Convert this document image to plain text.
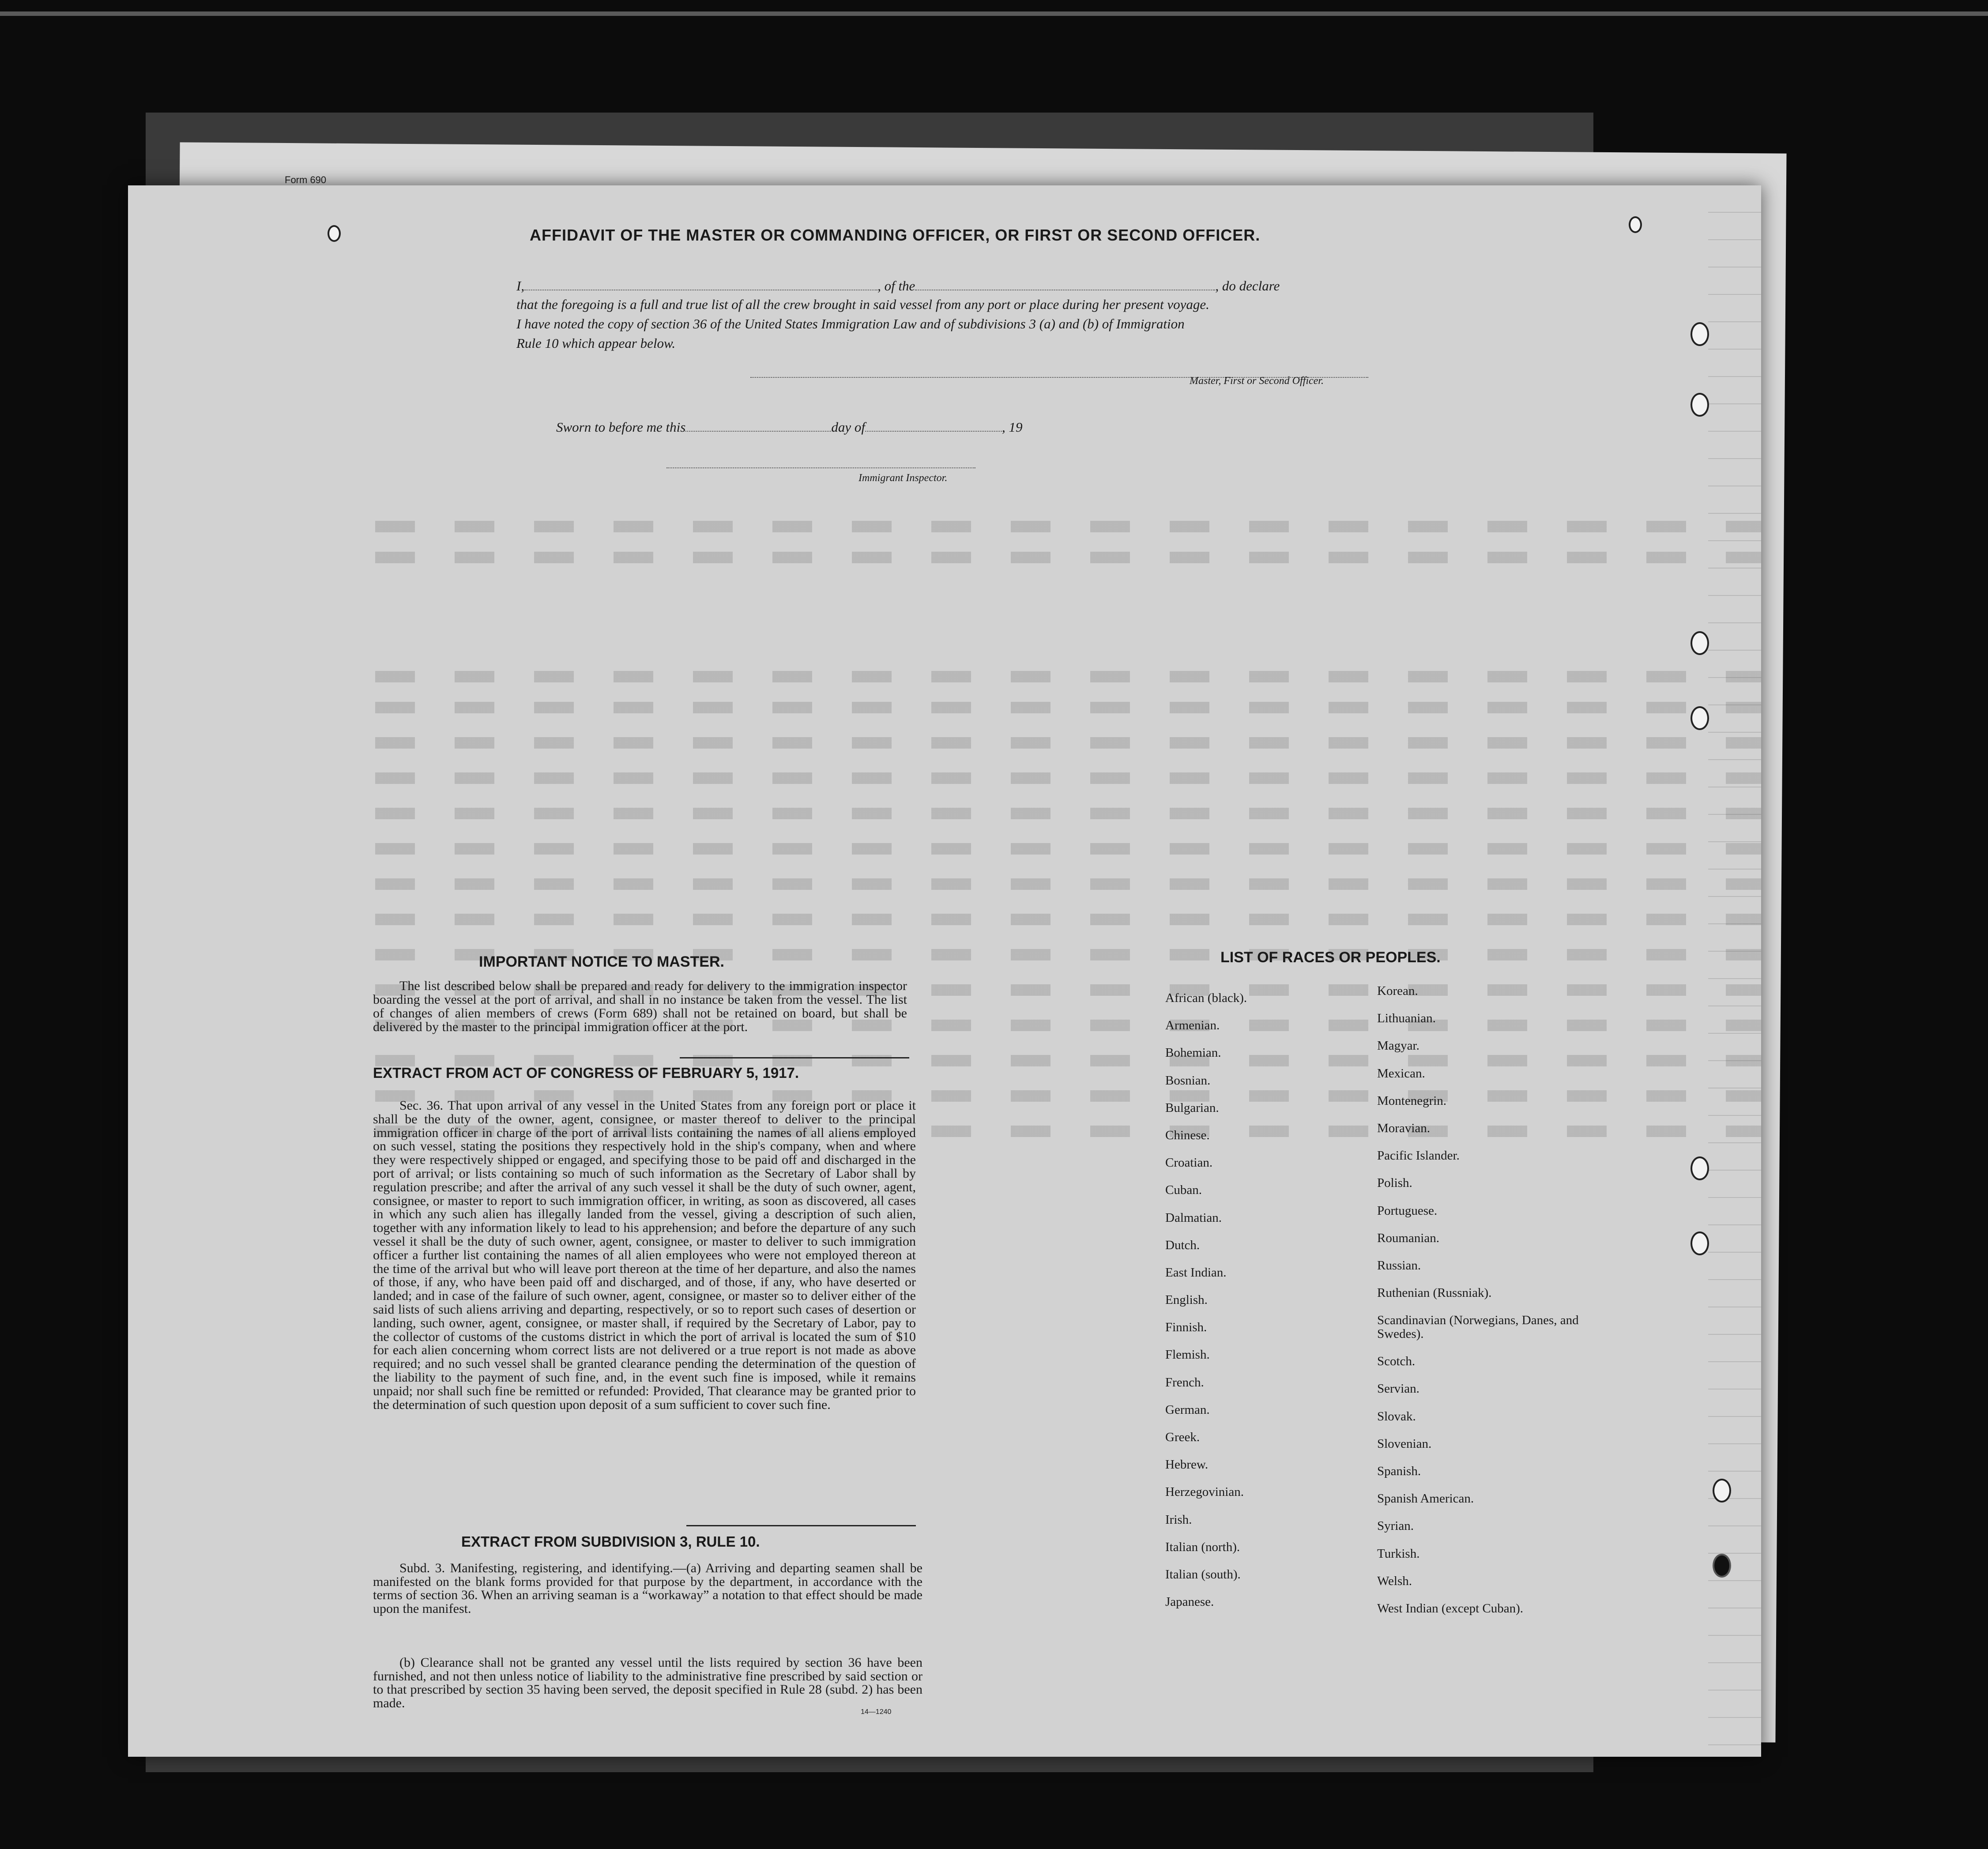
Form 690
AFFIDAVIT OF THE MASTER OR COMMANDING OFFICER, OR FIRST OR SECOND OFFICER.
I,	, of the	, do declare
that the foregoing is a full and true list of all the crew brought in said vessel from any port or place during her present voyage.
I have noted the copy of section 36 of the United States Immigration Law and of subdivisions 3 (a) and (b) of Immigration
Rule 10 which appear below.
Master, First or Second Officer.
Sworn to before me this	day of	, 19
Immigrant Inspector.
IMPORTANT NOTICE TO MASTER.
The list described below shall be prepared and ready for delivery to the immigration inspector boarding the vessel at the port of arrival, and shall in no instance be taken from the vessel. The list of changes of alien members of crews (Form 689) shall not be retained on board, but shall be delivered by the master to the principal immigration officer at the port.
EXTRACT FROM ACT OF CONGRESS OF FEBRUARY 5, 1917.
Sec. 36. That upon arrival of any vessel in the United States from any foreign port or place it shall be the duty of the owner, agent, consignee, or master thereof to deliver to the principal immigration officer in charge of the port of arrival lists containing the names of all aliens employed on such vessel, stating the positions they respectively hold in the ship's company, when and where they were respectively shipped or engaged, and specifying those to be paid off and discharged in the port of arrival; or lists containing so much of such information as the Secretary of Labor shall by regulation prescribe; and after the arrival of any such vessel it shall be the duty of such owner, agent, consignee, or master to report to such immigration officer, in writing, as soon as discovered, all cases in which any such alien has illegally landed from the vessel, giving a description of such alien, together with any information likely to lead to his apprehension; and before the departure of any such vessel it shall be the duty of such owner, agent, consignee, or master to deliver to such immigration officer a further list containing the names of all alien employees who were not employed thereon at the time of the arrival but who will leave port thereon at the time of her departure, and also the names of those, if any, who have been paid off and discharged, and of those, if any, who have deserted or landed; and in case of the failure of such owner, agent, consignee, or master so to deliver either of the said lists of such aliens arriving and departing, respectively, or so to report such cases of desertion or landing, such owner, agent, consignee, or master shall, if required by the Secretary of Labor, pay to the collector of customs of the customs district in which the port of arrival is located the sum of $10 for each alien concerning whom correct lists are not delivered or a true report is not made as above required; and no such vessel shall be granted clearance pending the determination of the question of the liability to the payment of such fine, and, in the event such fine is imposed, while it remains unpaid; nor shall such fine be remitted or refunded: Provided, That clearance may be granted prior to the determination of such question upon deposit of a sum sufficient to cover such fine.
EXTRACT FROM SUBDIVISION 3, RULE 10.
Subd. 3. Manifesting, registering, and identifying.—(a) Arriving and departing seamen shall be manifested on the blank forms provided for that purpose by the department, in accordance with the terms of section 36. When an arriving seaman is a “workaway” a notation to that effect should be made upon the manifest.
(b) Clearance shall not be granted any vessel until the lists required by section 36 have been furnished, and not then unless notice of liability to the administrative fine prescribed by said section or to that prescribed by section 35 having been served, the deposit specified in Rule 28 (subd. 2) has been made.
14—1240
LIST OF RACES OR PEOPLES.
African (black).
Armenian.
Bohemian.
Bosnian.
Bulgarian.
Chinese.
Croatian.
Cuban.
Dalmatian.
Dutch.
East Indian.
English.
Finnish.
Flemish.
French.
German.
Greek.
Hebrew.
Herzegovinian.
Irish.
Italian (north).
Italian (south).
Japanese.
Korean.
Lithuanian.
Magyar.
Mexican.
Montenegrin.
Moravian.
Pacific Islander.
Polish.
Portuguese.
Roumanian.
Russian.
Ruthenian (Russniak).
Scandinavian (Norwegians, Danes, and Swedes).
Scotch.
Servian.
Slovak.
Slovenian.
Spanish.
Spanish American.
Syrian.
Turkish.
Welsh.
West Indian (except Cuban).
